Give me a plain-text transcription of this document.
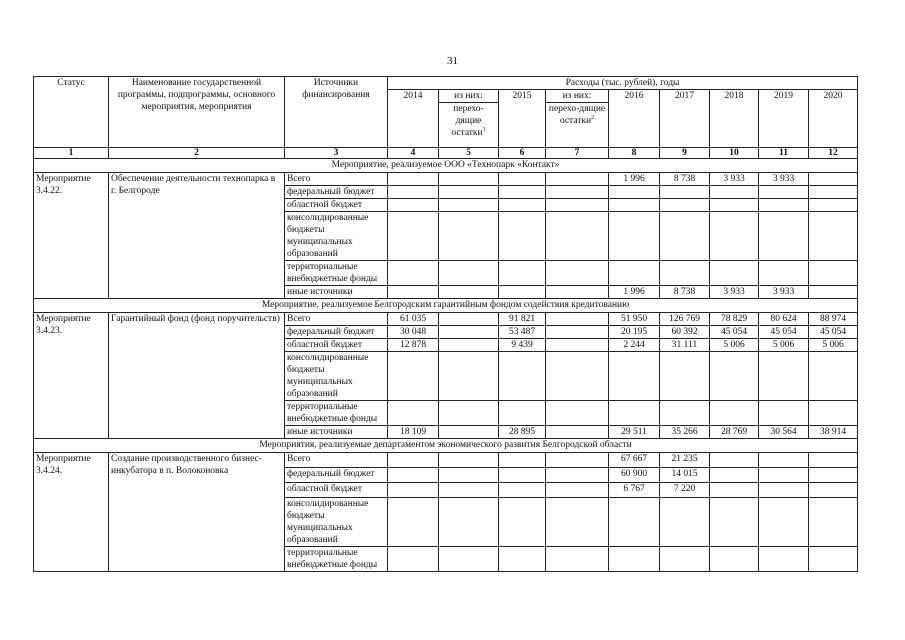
31
Статус	Наименование государственной программы, подпрограммы, основного мероприятия, мероприятия	Источники финансирования	Расходы (тыс. рублей), годы								
			2014	из них:	2015	из них:	2016	2017	2018	2019	2020
				перехо-дящие остатки$^1$		перехо-дящие остатки$^2$
1	2	3	4	5	6	7	8	9	10	11	12
Мероприятие, реализуемое ООО «Технопарк «Контакт»											

Мероприятие
3.4.22.	Обеспечение деятельности технопарка в г. Белгороде	Всего					1 996	8 738	3 933	3 933	
		федеральный бюджет									
		областной бюджет									
		консолидированные бюджеты муниципальных образований									
		территориальные внебюджетные фонды									
		иные источники					1 996	8 738	3 933	3 933	
Мероприятие, реализуемое Белгородским гарантийным фондом содействия кредитованию											

Мероприятие
3.4.23.	Гарантийный фонд (фонд поручительств)	Всего	61 035		91 821		51 950	126 769	78 829	80 624	88 974
		федеральный бюджет	30 048		53 487		20 195	60 392	45 054	45 054	45 054
		областной бюджет	12 878		9 439		2 244	31 111	5 006	5 006	5 006
		консолидированные бюджеты муниципальных образований									
		территориальные внебюджетные фонды									
		иные источники	18 109		28 895		29 511	35 266	28 769	30 564	38 914
Мероприятия, реализуемые департаментом экономического развития Белгородской области											

Мероприятие
3.4.24.	Создание производственного бизнес-инкубатора в п. Волоконовка	Всего					67 667	21 235			
		федеральный бюджет					60 900	14 015			
		областной бюджет					6 767	7 220			
		консолидированные бюджеты муниципальных образований									
		территориальные внебюджетные фонды									
